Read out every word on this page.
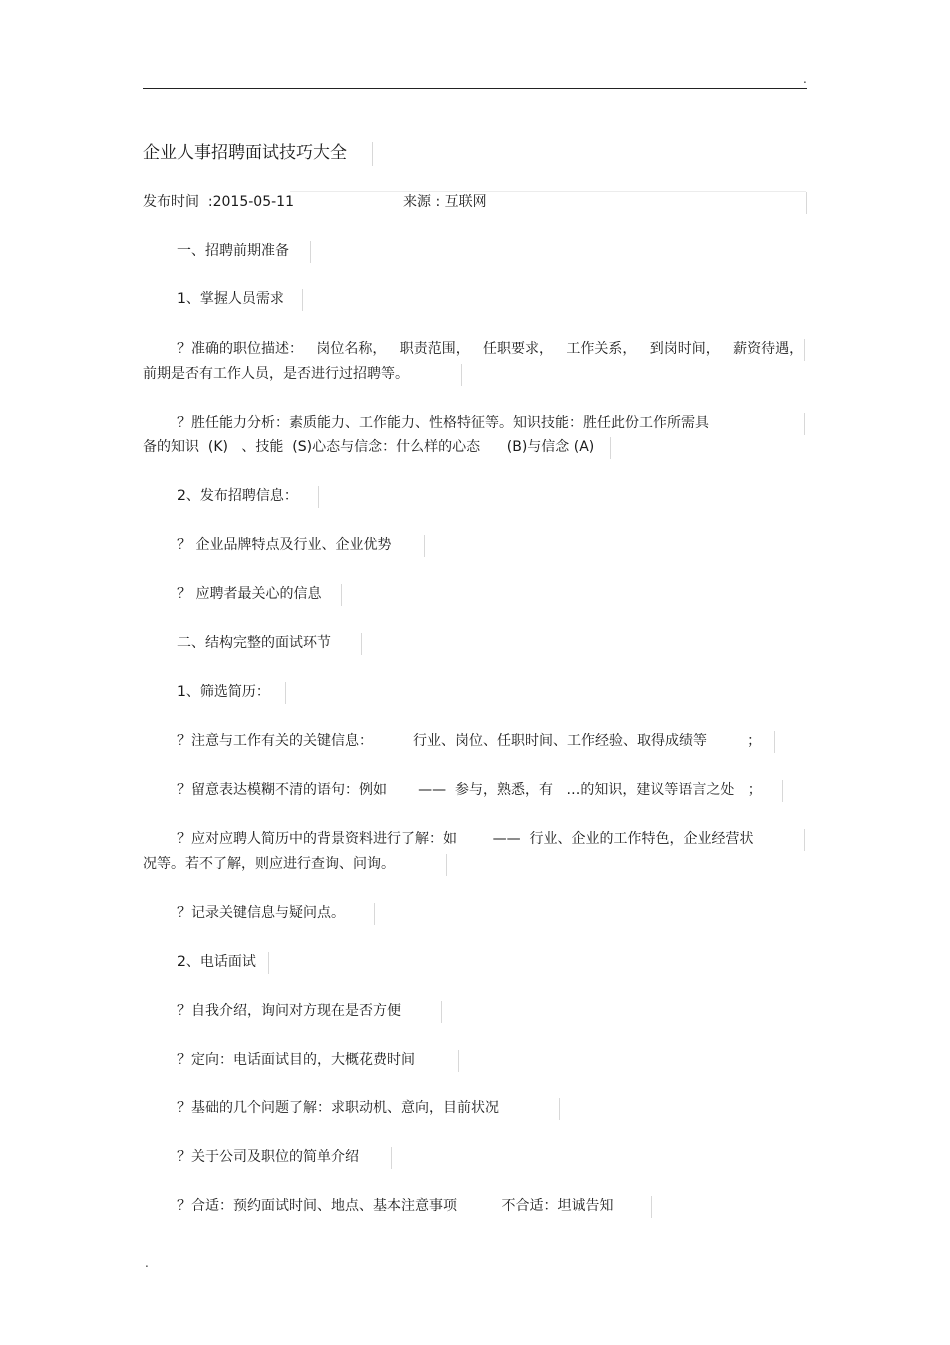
.
企业人事招聘面试技巧大全
发布时间  :2015-05-11	来源 : 互联网
一、招聘前期准备
1、掌握人员需求
？准确的职位描述：   岗位名称，   职责范围，   任职要求，   工作关系，   到岗时间，   薪资待遇，
前期是否有工作人员，是否进行过招聘等。
？胜任能力分析：素质能力、工作能力、性格特征等。知识技能：胜任此份工作所需具
备的知识  (K)   、技能  (S)心态与信念：什么样的心态      (B)与信念 (A)
2、发布招聘信息：
？ 企业品牌特点及行业、企业优势
？ 应聘者最关心的信息
二、结构完整的面试环节
1、筛选简历：
？注意与工作有关的关键信息：         行业、岗位、任职时间、工作经验、取得成绩等         ；
？留意表达模糊不清的语句：例如       ——  参与，熟悉，有   …的知识，建议等语言之处   ；
？应对应聘人简历中的背景资料进行了解：如        ——  行业、企业的工作特色，企业经营状
况等。若不了解，则应进行查询、问询。
？记录关键信息与疑问点。
2、电话面试
？自我介绍，询问对方现在是否方便
？定向：电话面试目的，大概花费时间
？基础的几个问题了解：求职动机、意向，目前状况
？关于公司及职位的简单介绍
？合适：预约面试时间、地点、基本注意事项          不合适：坦诚告知
.
